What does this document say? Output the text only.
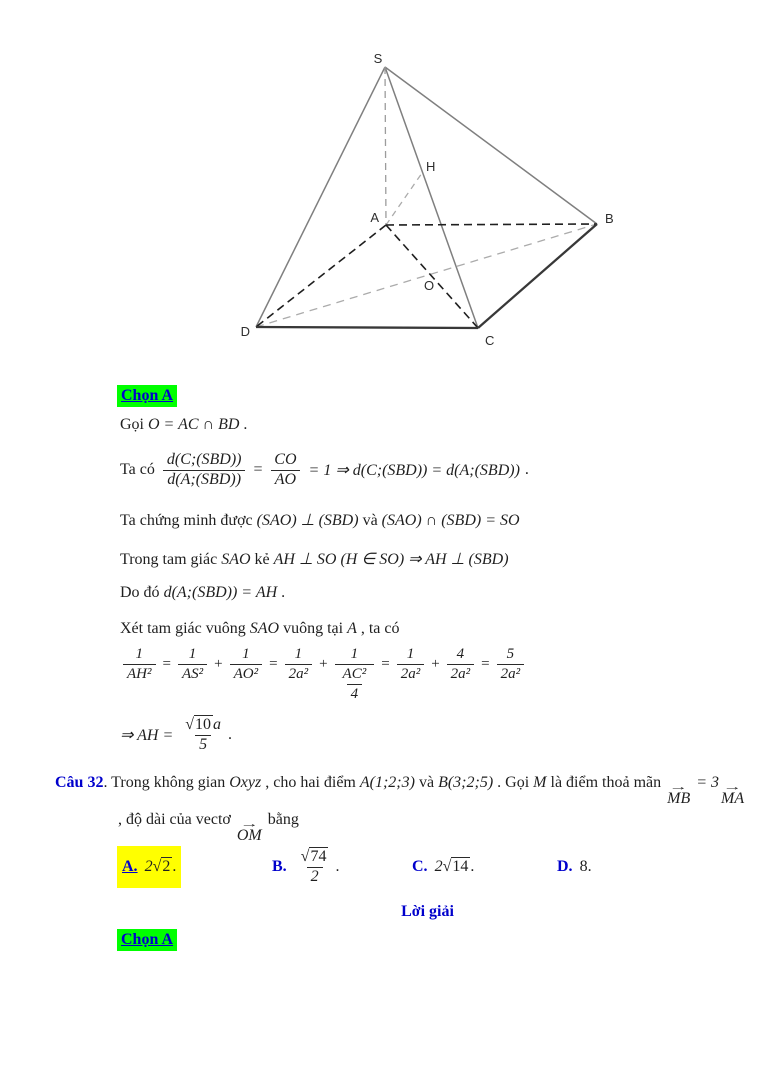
S
H
A	B
O
D
C
Chọn A
Gọi O = AC ∩ BD .
Ta có $\frac{\text{d(C;(SBD))}}{\text{d(A;(SBD))}} = \frac{CO}{AO} = 1$ ⇒ d(C;(SBD)) = d(A;(SBD)) .
Ta chứng minh được (SAO) ⊥ (SBD) và (SAO) ∩ (SBD) = SO
Trong tam giác SAO kẻ AH ⊥ SO (H ∈ SO) ⇒ AH ⊥ (SBD)
Do đó d(A;(SBD)) = AH .
Xét tam giác vuông SAO vuông tại A , ta có
$\frac{1}{\text{AH²}} = \frac{1}{\text{AS²}} + \frac{1}{\text{AO²}} = \frac{1}{\text{2a²}} + \frac{1}{\frac{\text{AC²}}{4}} = \frac{1}{\text{2a²}} + \frac{4}{\text{2a²}} = \frac{5}{\text{2a²}}$
⇒ AH = $\frac{√10 a}{5}$ .
Câu 32. Trong không gian Oxyz , cho hai điểm A(1;2;3) và B(3;2;5) . Gọi M là điểm thoả mãn →
MB
= 3 →
MA
, độ dài của vectơ →
OM
bằng
A. 2 √2 .	B. $\frac{√74}{2}$ .	C. 2 √14 .	D. 8 .
Lời giải
Chọn A
